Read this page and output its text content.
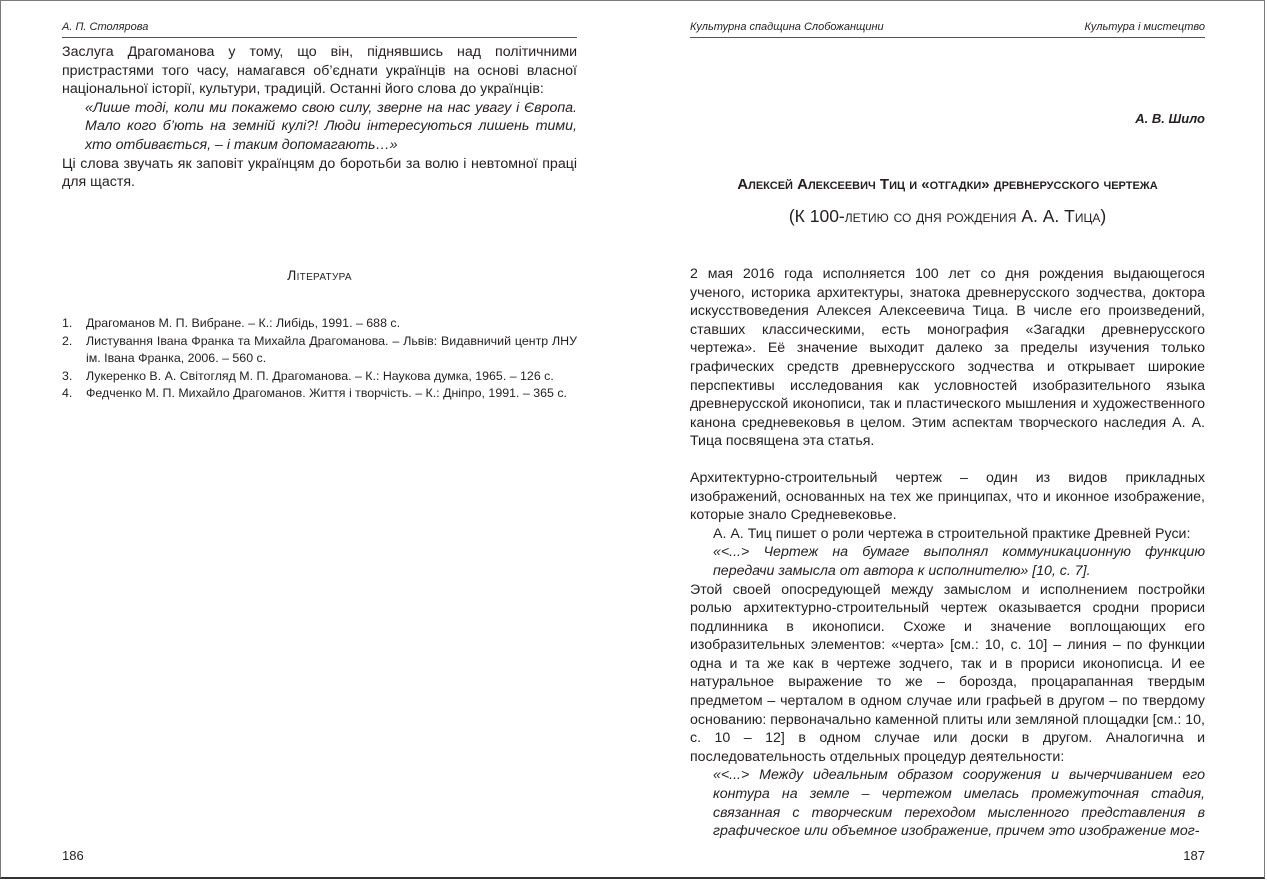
А. П. Столярова

Заслуга Драгоманова у тому, що він, піднявшись над політичними пристрастями того часу, намагався об’єднати українців на основі власної національної історії, культури, традицій. Останні його слова до українців:

«Лише тоді, коли ми покажемо свою силу, зверне на нас увагу і Європа. Мало кого б’ють на земній кулі?! Люди інтересуються лишень тими, хто отбивається, – і таким допомагають…»

Ці слова звучать як заповіт українцям до боротьби за волю і невтомної праці для щастя.

Література
1.	Драгоманов М. П. Вибране. – К.: Либідь, 1991. – 688 с.
2.	Листування Івана Франка та Михайла Драгоманова. – Львів: Видавничий центр ЛНУ ім. Івана Франка, 2006. – 560 с.
3.	Лукеренко В. А. Світогляд М. П. Драгоманова. – К.: Наукова думка, 1965. – 126 с.
4.	Федченко М. П. Михайло Драгоманов. Життя і творчість. – К.: Дніпро, 1991. – 365 с.
186
Культурна спадщина Слобожанщини	Культура і мистецтво
А. В. Шило
Алексей Алексеевич Тиц и «отгадки» древнерусского чертежа
(К 100-летию со дня рождения А. А. Тица)

2 мая 2016 года исполняется 100 лет со дня рождения выдающегося ученого, историка архитектуры, знатока древнерусского зодчества, доктора искусствоведения Алексея Алексеевича Тица. В числе его произведений, ставших классическими, есть монография «Загадки древнерусского чертежа». Её значение выходит далеко за пределы изучения только графических средств древнерусского зодчества и открывает широкие перспективы исследования как условностей изобразительного языка древнерусской иконописи, так и пластического мышления и художественного канона средневековья в целом. Этим аспектам творческого наследия А. А. Тица посвящена эта статья.

Архитектурно-строительный чертеж – один из видов прикладных изображений, основанных на тех же принципах, что и иконное изображение, которые знало Средневековье.

А. А. Тиц пишет о роли чертежа в строительной практике Древней Руси:

«<...> Чертеж на бумаге выполнял коммуникационную функцию передачи замысла от автора к исполнителю» [10, с. 7].

Этой своей опосредующей между замыслом и исполнением постройки ролью архитектурно-строительный чертеж оказывается сродни прориси подлинника в иконописи. Схоже и значение воплощающих его изобразительных элементов: «черта» [см.: 10, с. 10] – линия – по функции одна и та же как в чертеже зодчего, так и в прориси иконописца. И ее натуральное выражение то же – борозда, процарапанная твердым предметом – черталом в одном случае или графьей в другом – по твердому основанию: первоначально каменной плиты или земляной площадки [см.: 10, с. 10 – 12] в одном случае или доски в другом. Аналогична и последовательность отдельных процедур деятельности:

«<...> Между идеальным образом сооружения и вычерчиванием его контура на земле – чертежом имелась промежуточная стадия, связанная с творческим переходом мысленного представления в графическое или объемное изображение, причем это изображение мог-

187
